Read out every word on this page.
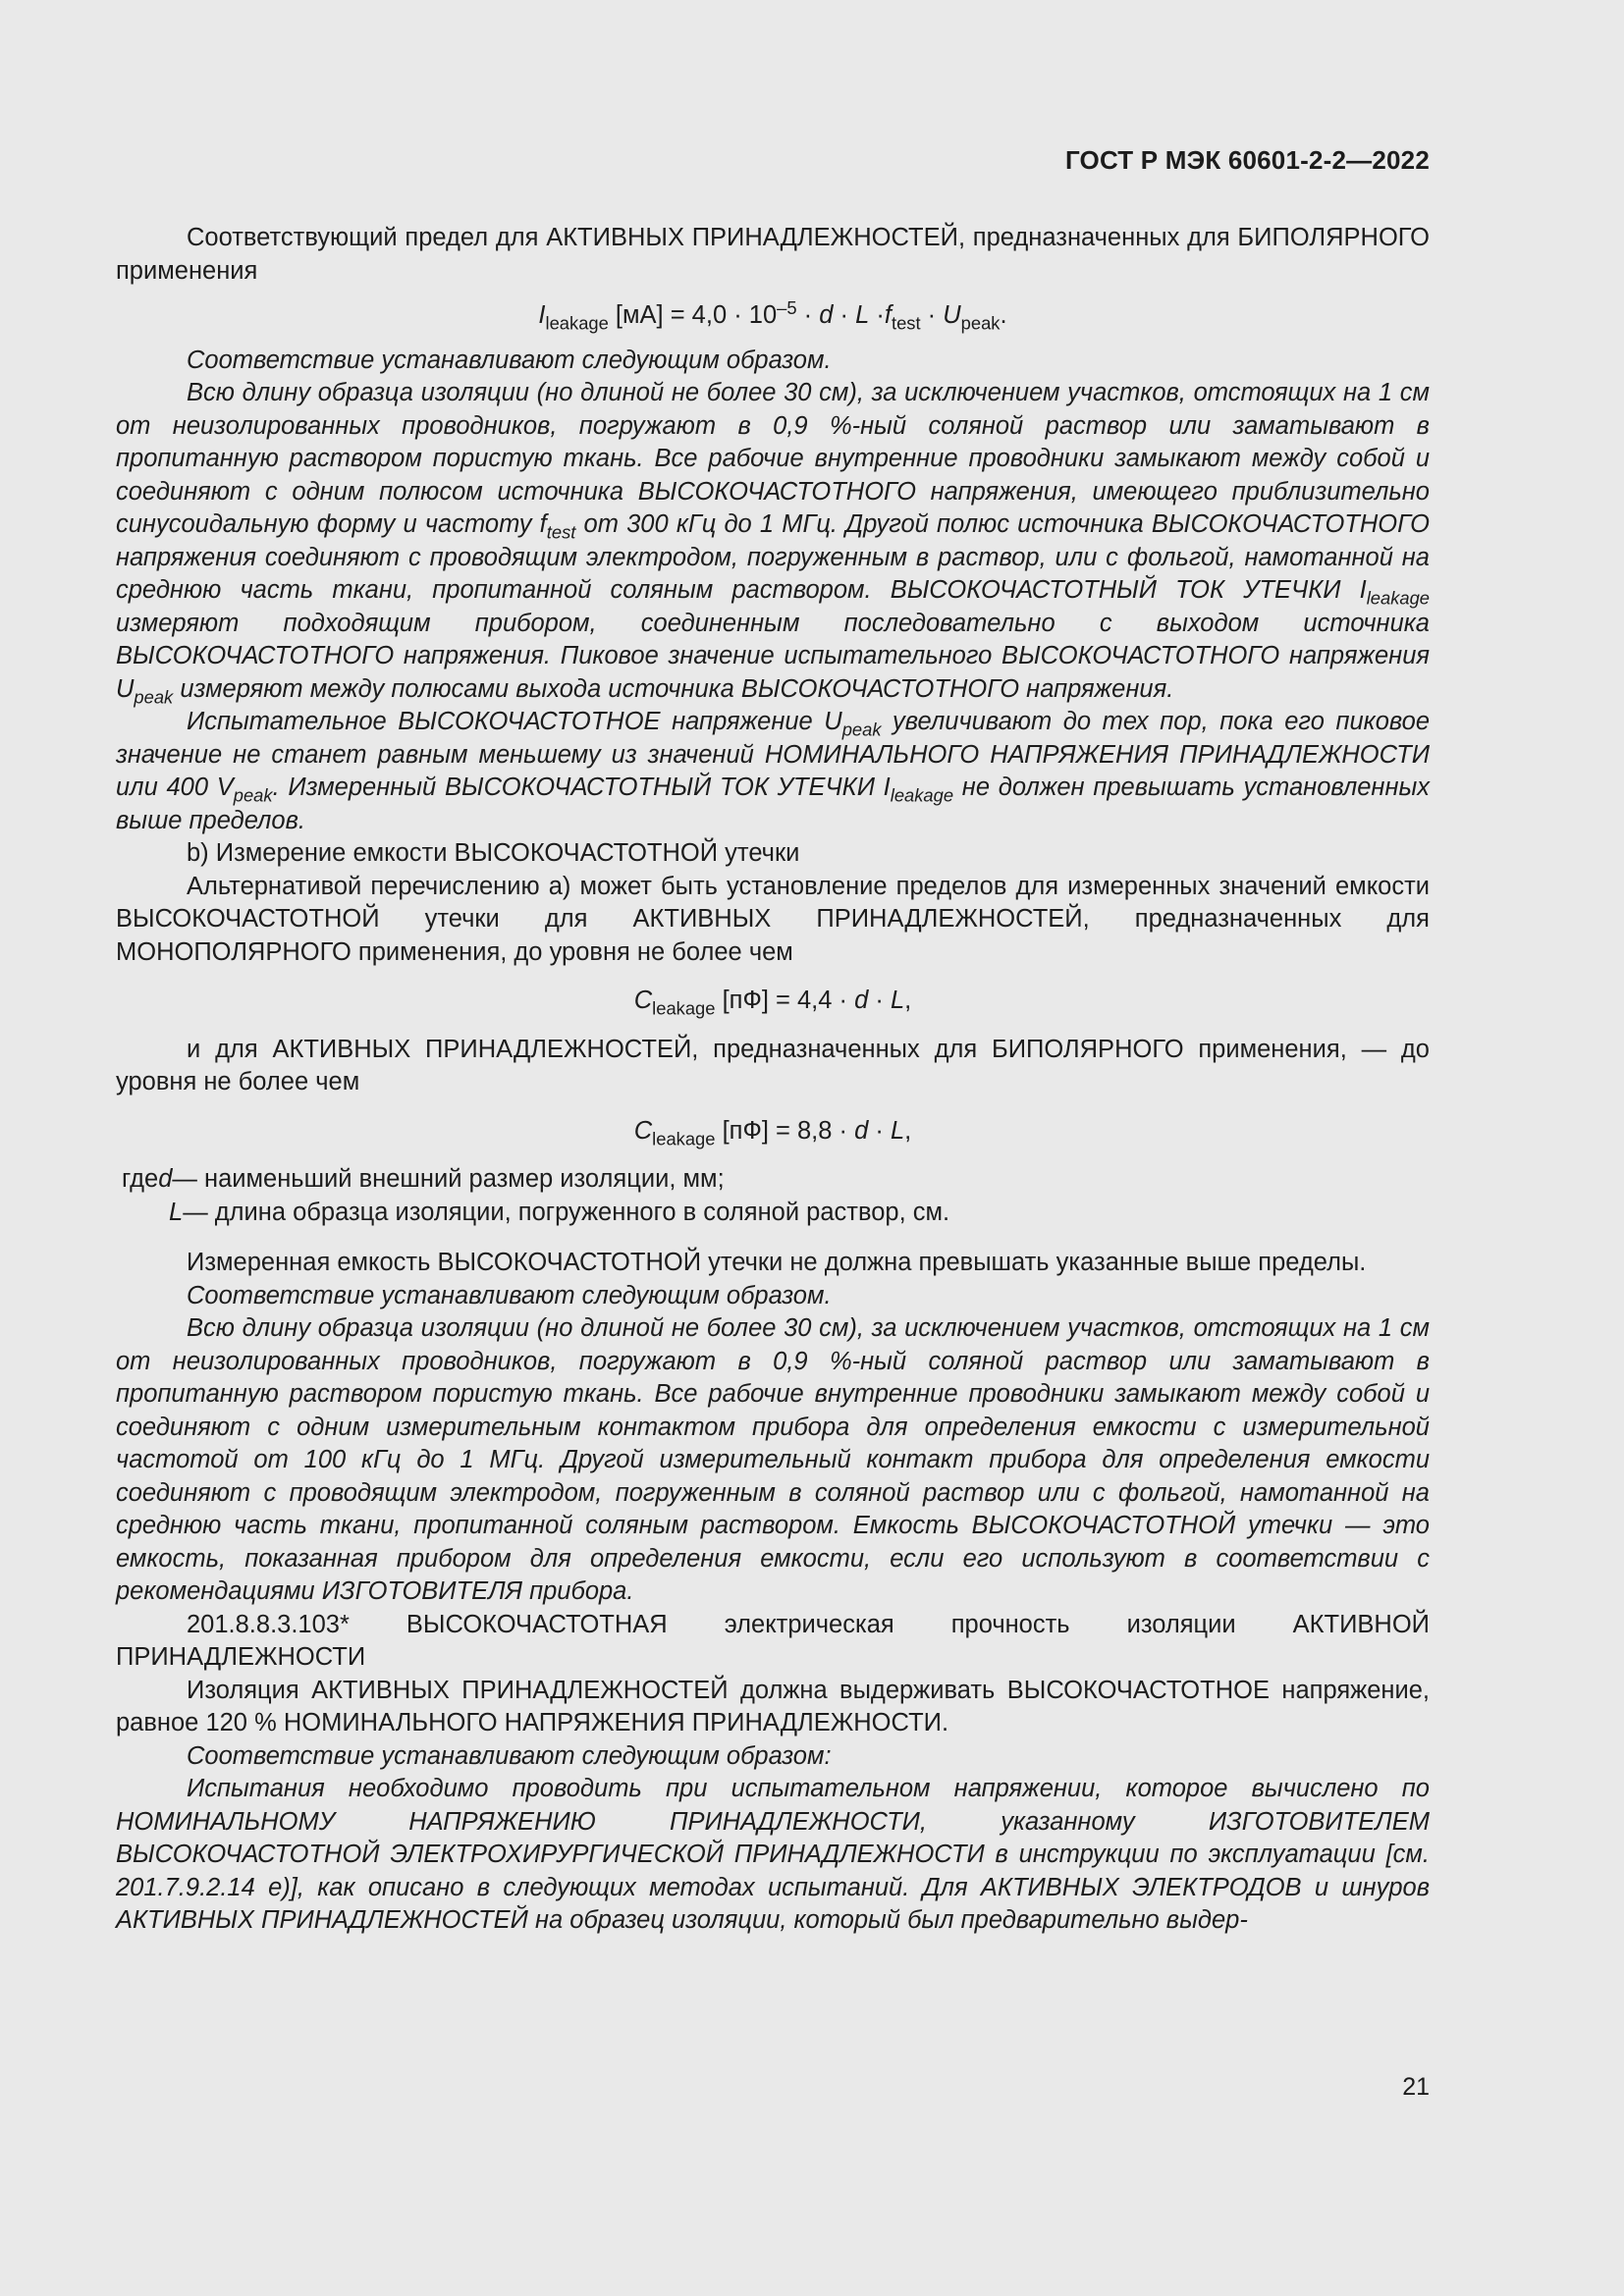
ГОСТ Р МЭК 60601-2-2—2022

Соответствующий предел для АКТИВНЫХ ПРИНАДЛЕЖНОСТЕЙ, предназначенных для БИПОЛЯРНОГО применения

$I_{leakage}$ $[мА] = 4,0 \cdot 10^{-5} \cdot d \cdot L \cdot f_{test} \cdot U_{peak}$.

Соответствие устанавливают следующим образом.

Всю длину образца изоляции (но длиной не более 30 см), за исключением участков, отстоящих на 1 см от неизолированных проводников, погружают в 0,9 %-ный соляной раствор или заматывают в пропитанную раствором пористую ткань. Все рабочие внутренние проводники замыкают между собой и соединяют с одним полюсом источника ВЫСОКОЧАСТОТНОГО напряжения, имеющего приблизительно синусоидальную форму и частоту $f_{test}$ от 300 кГц до 1 МГц. Другой полюс источника ВЫСОКОЧАСТОТНОГО напряжения соединяют с проводящим электродом, погруженным в раствор, или с фольгой, намотанной на среднюю часть ткани, пропитанной соляным раствором. ВЫСОКОЧАСТОТНЫЙ ТОК УТЕЧКИ $I_{leakage}$ измеряют подходящим прибором, соединенным последовательно с выходом источника ВЫСОКОЧАСТОТНОГО напряжения. Пиковое значение испытательного ВЫСОКОЧАСТОТНОГО напряжения $U_{peak}$ измеряют между полюсами выхода источника ВЫСОКОЧАСТОТНОГО напряжения.

Испытательное ВЫСОКОЧАСТОТНОЕ напряжение $U_{peak}$ увеличивают до тех пор, пока его пиковое значение не станет равным меньшему из значений НОМИНАЛЬНОГО НАПРЯЖЕНИЯ ПРИНАДЛЕЖНОСТИ или 400 $V_{peak}$. Измеренный ВЫСОКОЧАСТОТНЫЙ ТОК УТЕЧКИ $I_{leakage}$ не должен превышать установленных выше пределов.

b) Измерение емкости ВЫСОКОЧАСТОТНОЙ утечки

Альтернативой перечислению а) может быть установление пределов для измеренных значений емкости ВЫСОКОЧАСТОТНОЙ утечки для АКТИВНЫХ ПРИНАДЛЕЖНОСТЕЙ, предназначенных для МОНОПОЛЯРНОГО применения, до уровня не более чем

$C_{leakage}$ [пФ] = 4,4 · d · L,

и для АКТИВНЫХ ПРИНАДЛЕЖНОСТЕЙ, предназначенных для БИПОЛЯРНОГО применения, — до уровня не более чем

$C_{leakage}$ [пФ] = 8,8 · d · L,

где d — наименьший внешний размер изоляции, мм;
L — длина образца изоляции, погруженного в соляной раствор, см.

Измеренная емкость ВЫСОКОЧАСТОТНОЙ утечки не должна превышать указанные выше пределы.

Соответствие устанавливают следующим образом.

Всю длину образца изоляции (но длиной не более 30 см), за исключением участков, отстоящих на 1 см от неизолированных проводников, погружают в 0,9 %-ный соляной раствор или заматывают в пропитанную раствором пористую ткань. Все рабочие внутренние проводники замыкают между собой и соединяют с одним измерительным контактом прибора для определения емкости с измерительной частотой от 100 кГц до 1 МГц. Другой измерительный контакт прибора для определения емкости соединяют с проводящим электродом, погруженным в соляной раствор или с фольгой, намотанной на среднюю часть ткани, пропитанной соляным раствором. Емкость ВЫСОКОЧАСТОТНОЙ утечки — это емкость, показанная прибором для определения емкости, если его используют в соответствии с рекомендациями ИЗГОТОВИТЕЛЯ прибора.

201.8.8.3.103* ВЫСОКОЧАСТОТНАЯ электрическая прочность изоляции АКТИВНОЙ ПРИНАДЛЕЖНОСТИ

Изоляция АКТИВНЫХ ПРИНАДЛЕЖНОСТЕЙ должна выдерживать ВЫСОКОЧАСТОТНОЕ напряжение, равное 120 % НОМИНАЛЬНОГО НАПРЯЖЕНИЯ ПРИНАДЛЕЖНОСТИ.

Соответствие устанавливают следующим образом:

Испытания необходимо проводить при испытательном напряжении, которое вычислено по НОМИНАЛЬНОМУ НАПРЯЖЕНИЮ ПРИНАДЛЕЖНОСТИ, указанному ИЗГОТОВИТЕЛЕМ ВЫСОКОЧАСТОТНОЙ ЭЛЕКТРОХИРУРГИЧЕСКОЙ ПРИНАДЛЕЖНОСТИ в инструкции по эксплуатации [см. 201.7.9.2.14 е)], как описано в следующих методах испытаний. Для АКТИВНЫХ ЭЛЕКТРОДОВ и шнуров АКТИВНЫХ ПРИНАДЛЕЖНОСТЕЙ на образец изоляции, который был предварительно выдер-

21
